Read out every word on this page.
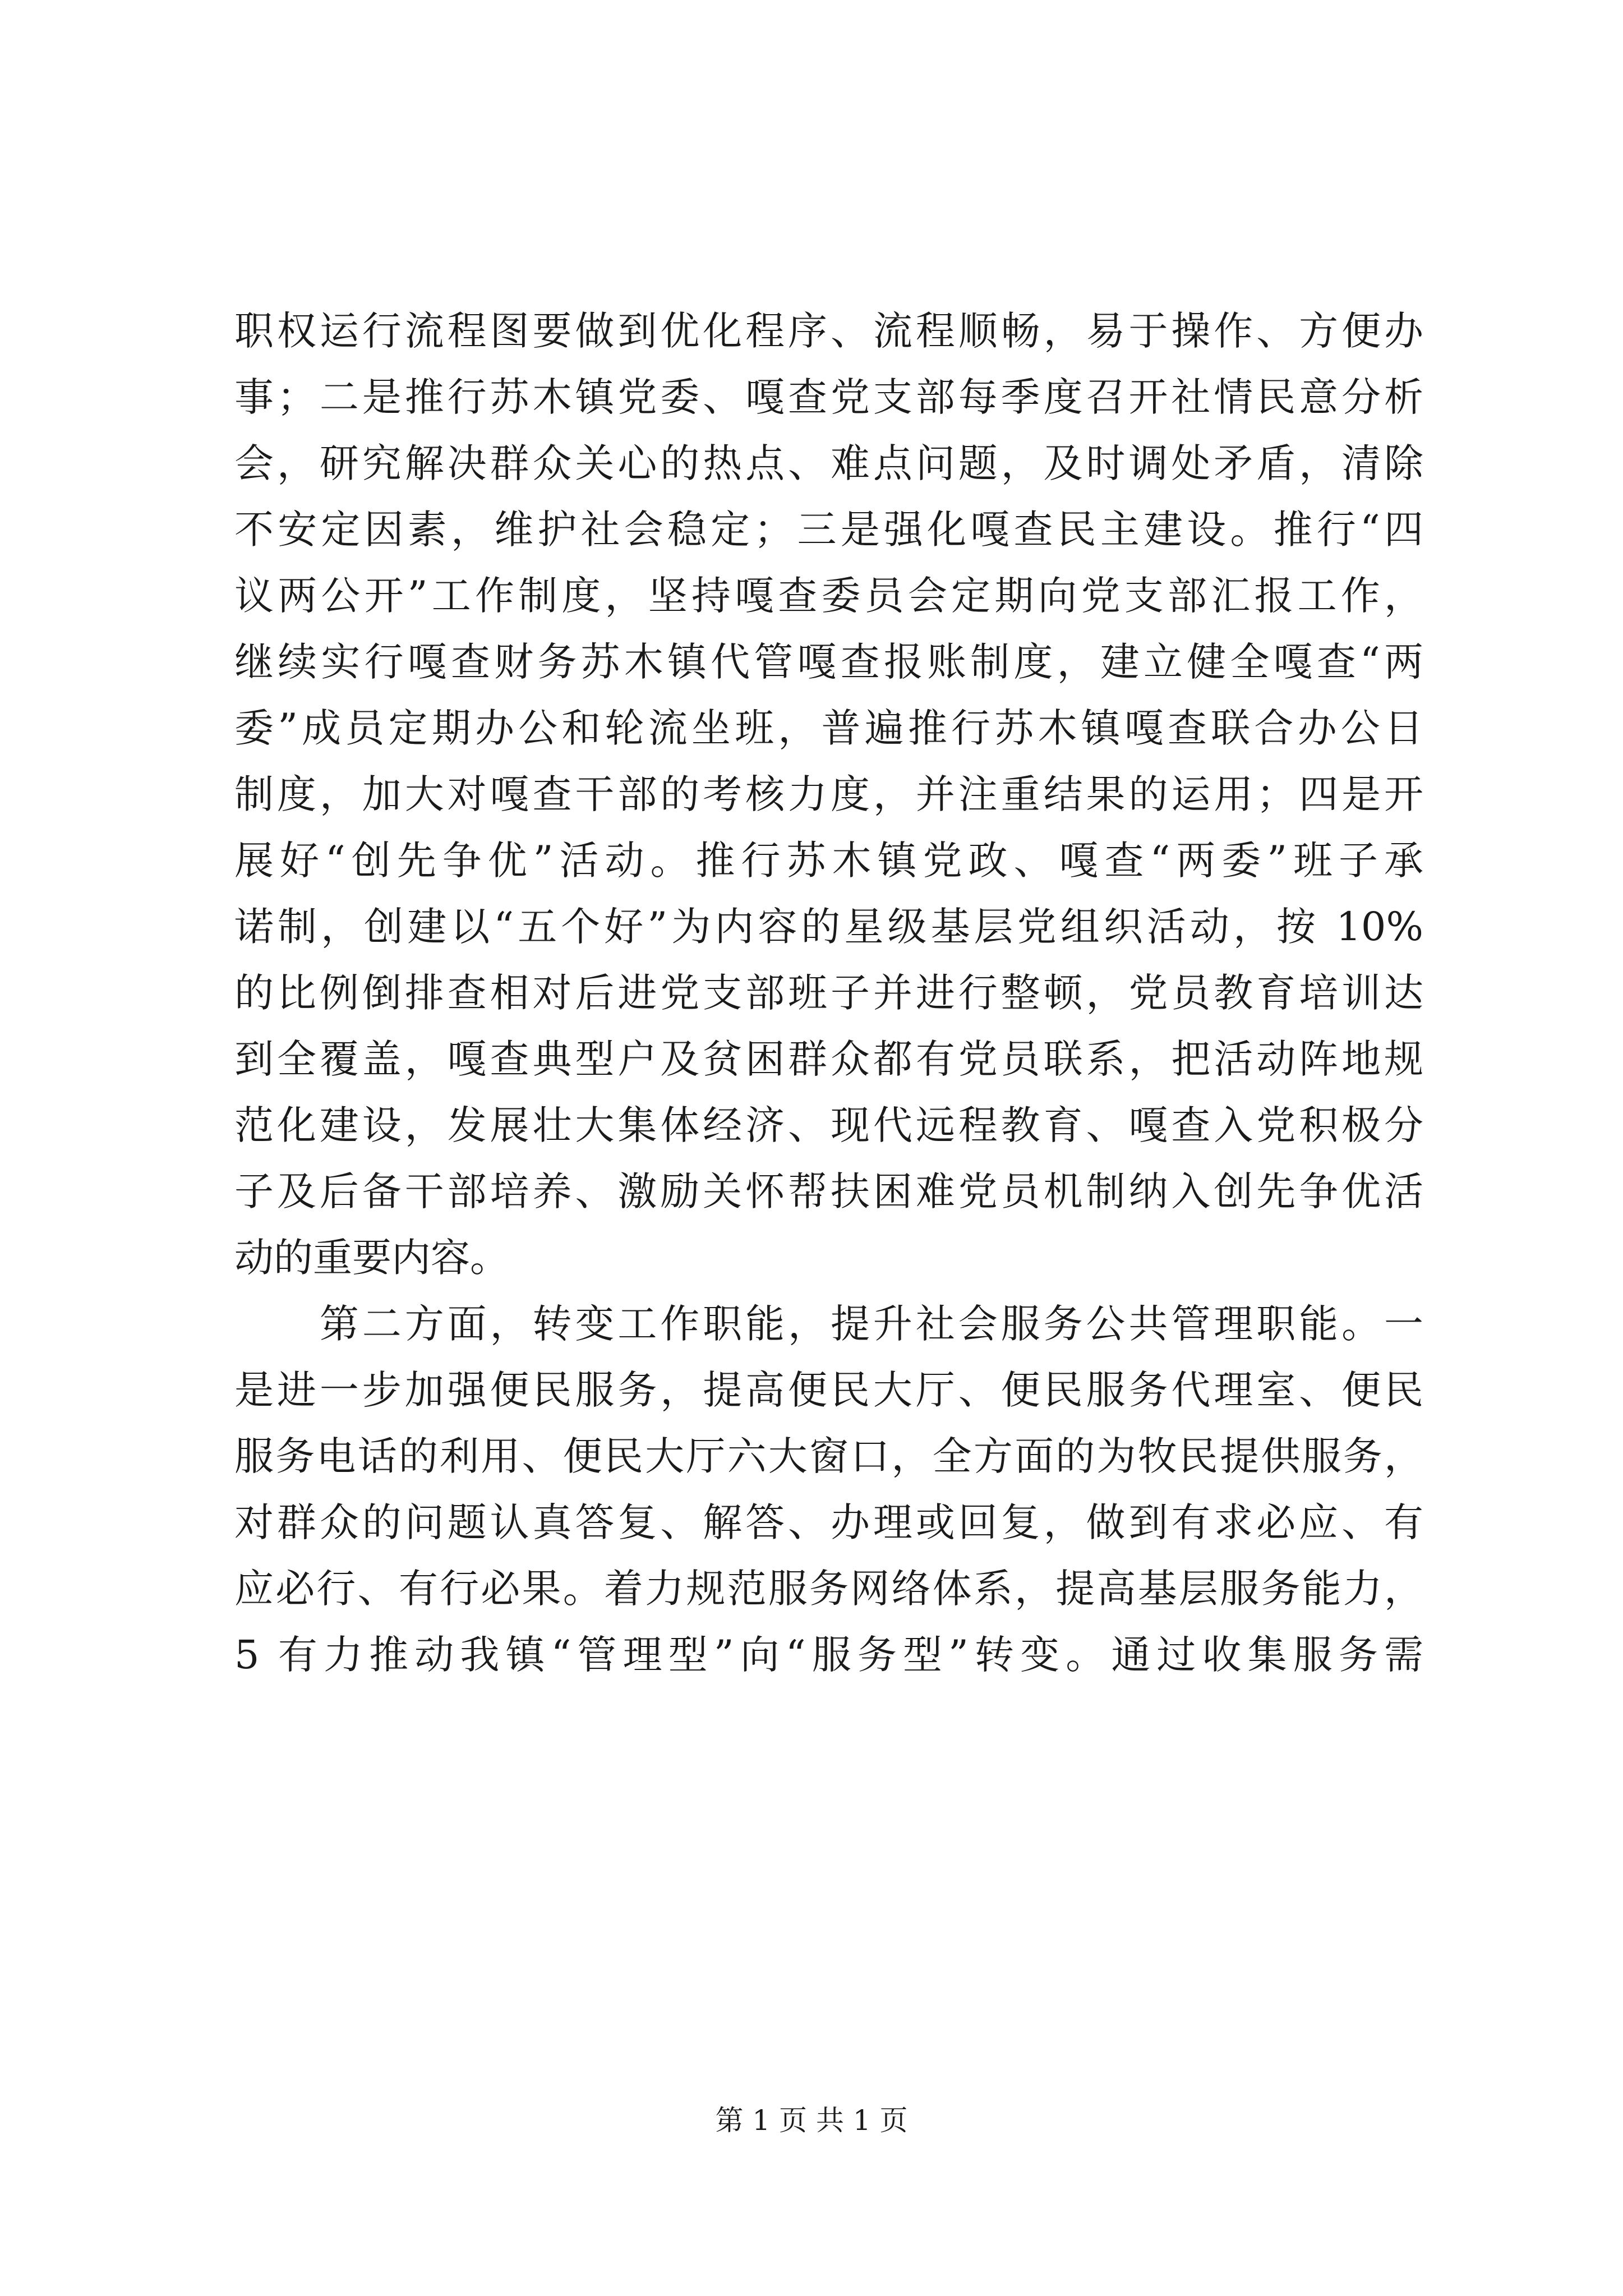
职权运行流程图要做到优化程序、流程顺畅，易于操作、方便办
事；二是推行苏木镇党委、嘎查党支部每季度召开社情民意分析
会，研究解决群众关心的热点、难点问题，及时调处矛盾，清除
不安定因素，维护社会稳定；三是强化嘎查民主建设。推行“四
议两公开”工作制度，坚持嘎查委员会定期向党支部汇报工作，
继续实行嘎查财务苏木镇代管嘎查报账制度，建立健全嘎查“两
委”成员定期办公和轮流坐班，普遍推行苏木镇嘎查联合办公日
制度，加大对嘎查干部的考核力度，并注重结果的运用；四是开
展好“创先争优”活动。推行苏木镇党政、嘎查“两委”班子承
诺制，创建以“五个好”为内容的星级基层党组织活动，按 10%
的比例倒排查相对后进党支部班子并进行整顿，党员教育培训达
到全覆盖，嘎查典型户及贫困群众都有党员联系，把活动阵地规
范化建设，发展壮大集体经济、现代远程教育、嘎查入党积极分
子及后备干部培养、激励关怀帮扶困难党员机制纳入创先争优活
动的重要内容。
　　第二方面，转变工作职能，提升社会服务公共管理职能。一
是进一步加强便民服务，提高便民大厅、便民服务代理室、便民
服务电话的利用、便民大厅六大窗口，全方面的为牧民提供服务，
对群众的问题认真答复、解答、办理或回复，做到有求必应、有
应必行、有行必果。着力规范服务网络体系，提高基层服务能力，
5 有力推动我镇“管理型”向“服务型”转变。通过收集服务需
第 1 页 共 1 页
